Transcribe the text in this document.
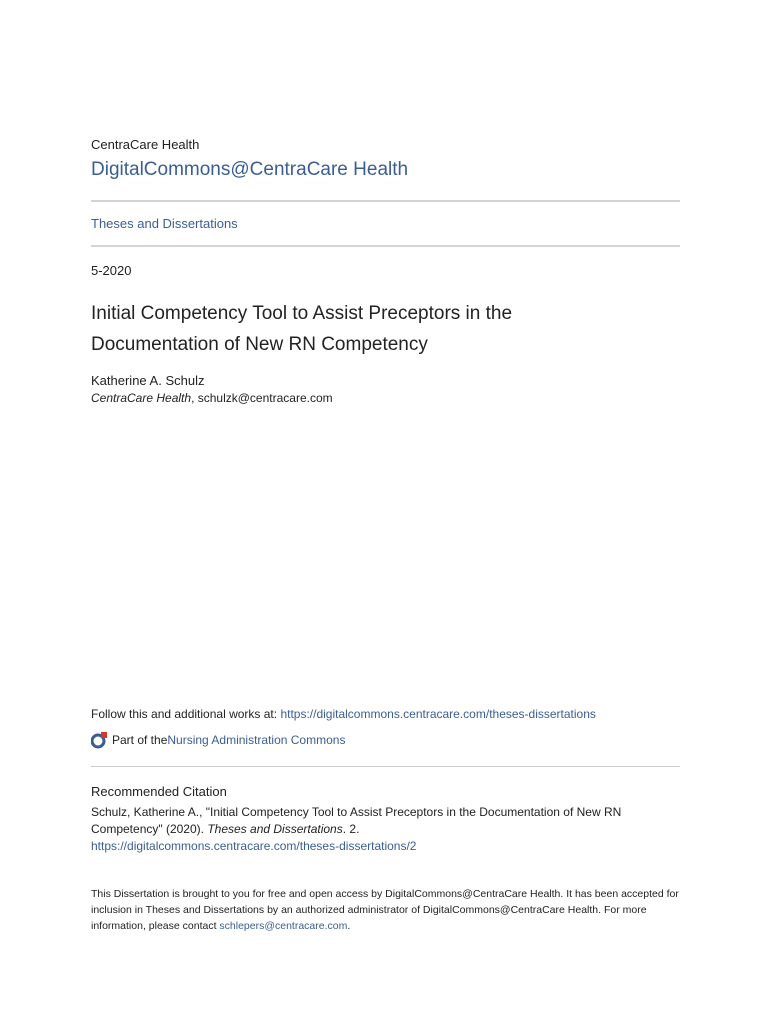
CentraCare Health
DigitalCommons@CentraCare Health
Theses and Dissertations
5-2020
Initial Competency Tool to Assist Preceptors in the Documentation of New RN Competency
Katherine A. Schulz
CentraCare Health, schulzk@centracare.com
Follow this and additional works at: https://digitalcommons.centracare.com/theses-dissertations
Part of the Nursing Administration Commons
Recommended Citation
Schulz, Katherine A., "Initial Competency Tool to Assist Preceptors in the Documentation of New RN Competency" (2020). Theses and Dissertations. 2.
https://digitalcommons.centracare.com/theses-dissertations/2
This Dissertation is brought to you for free and open access by DigitalCommons@CentraCare Health. It has been accepted for inclusion in Theses and Dissertations by an authorized administrator of DigitalCommons@CentraCare Health. For more information, please contact schlepers@centracare.com.
